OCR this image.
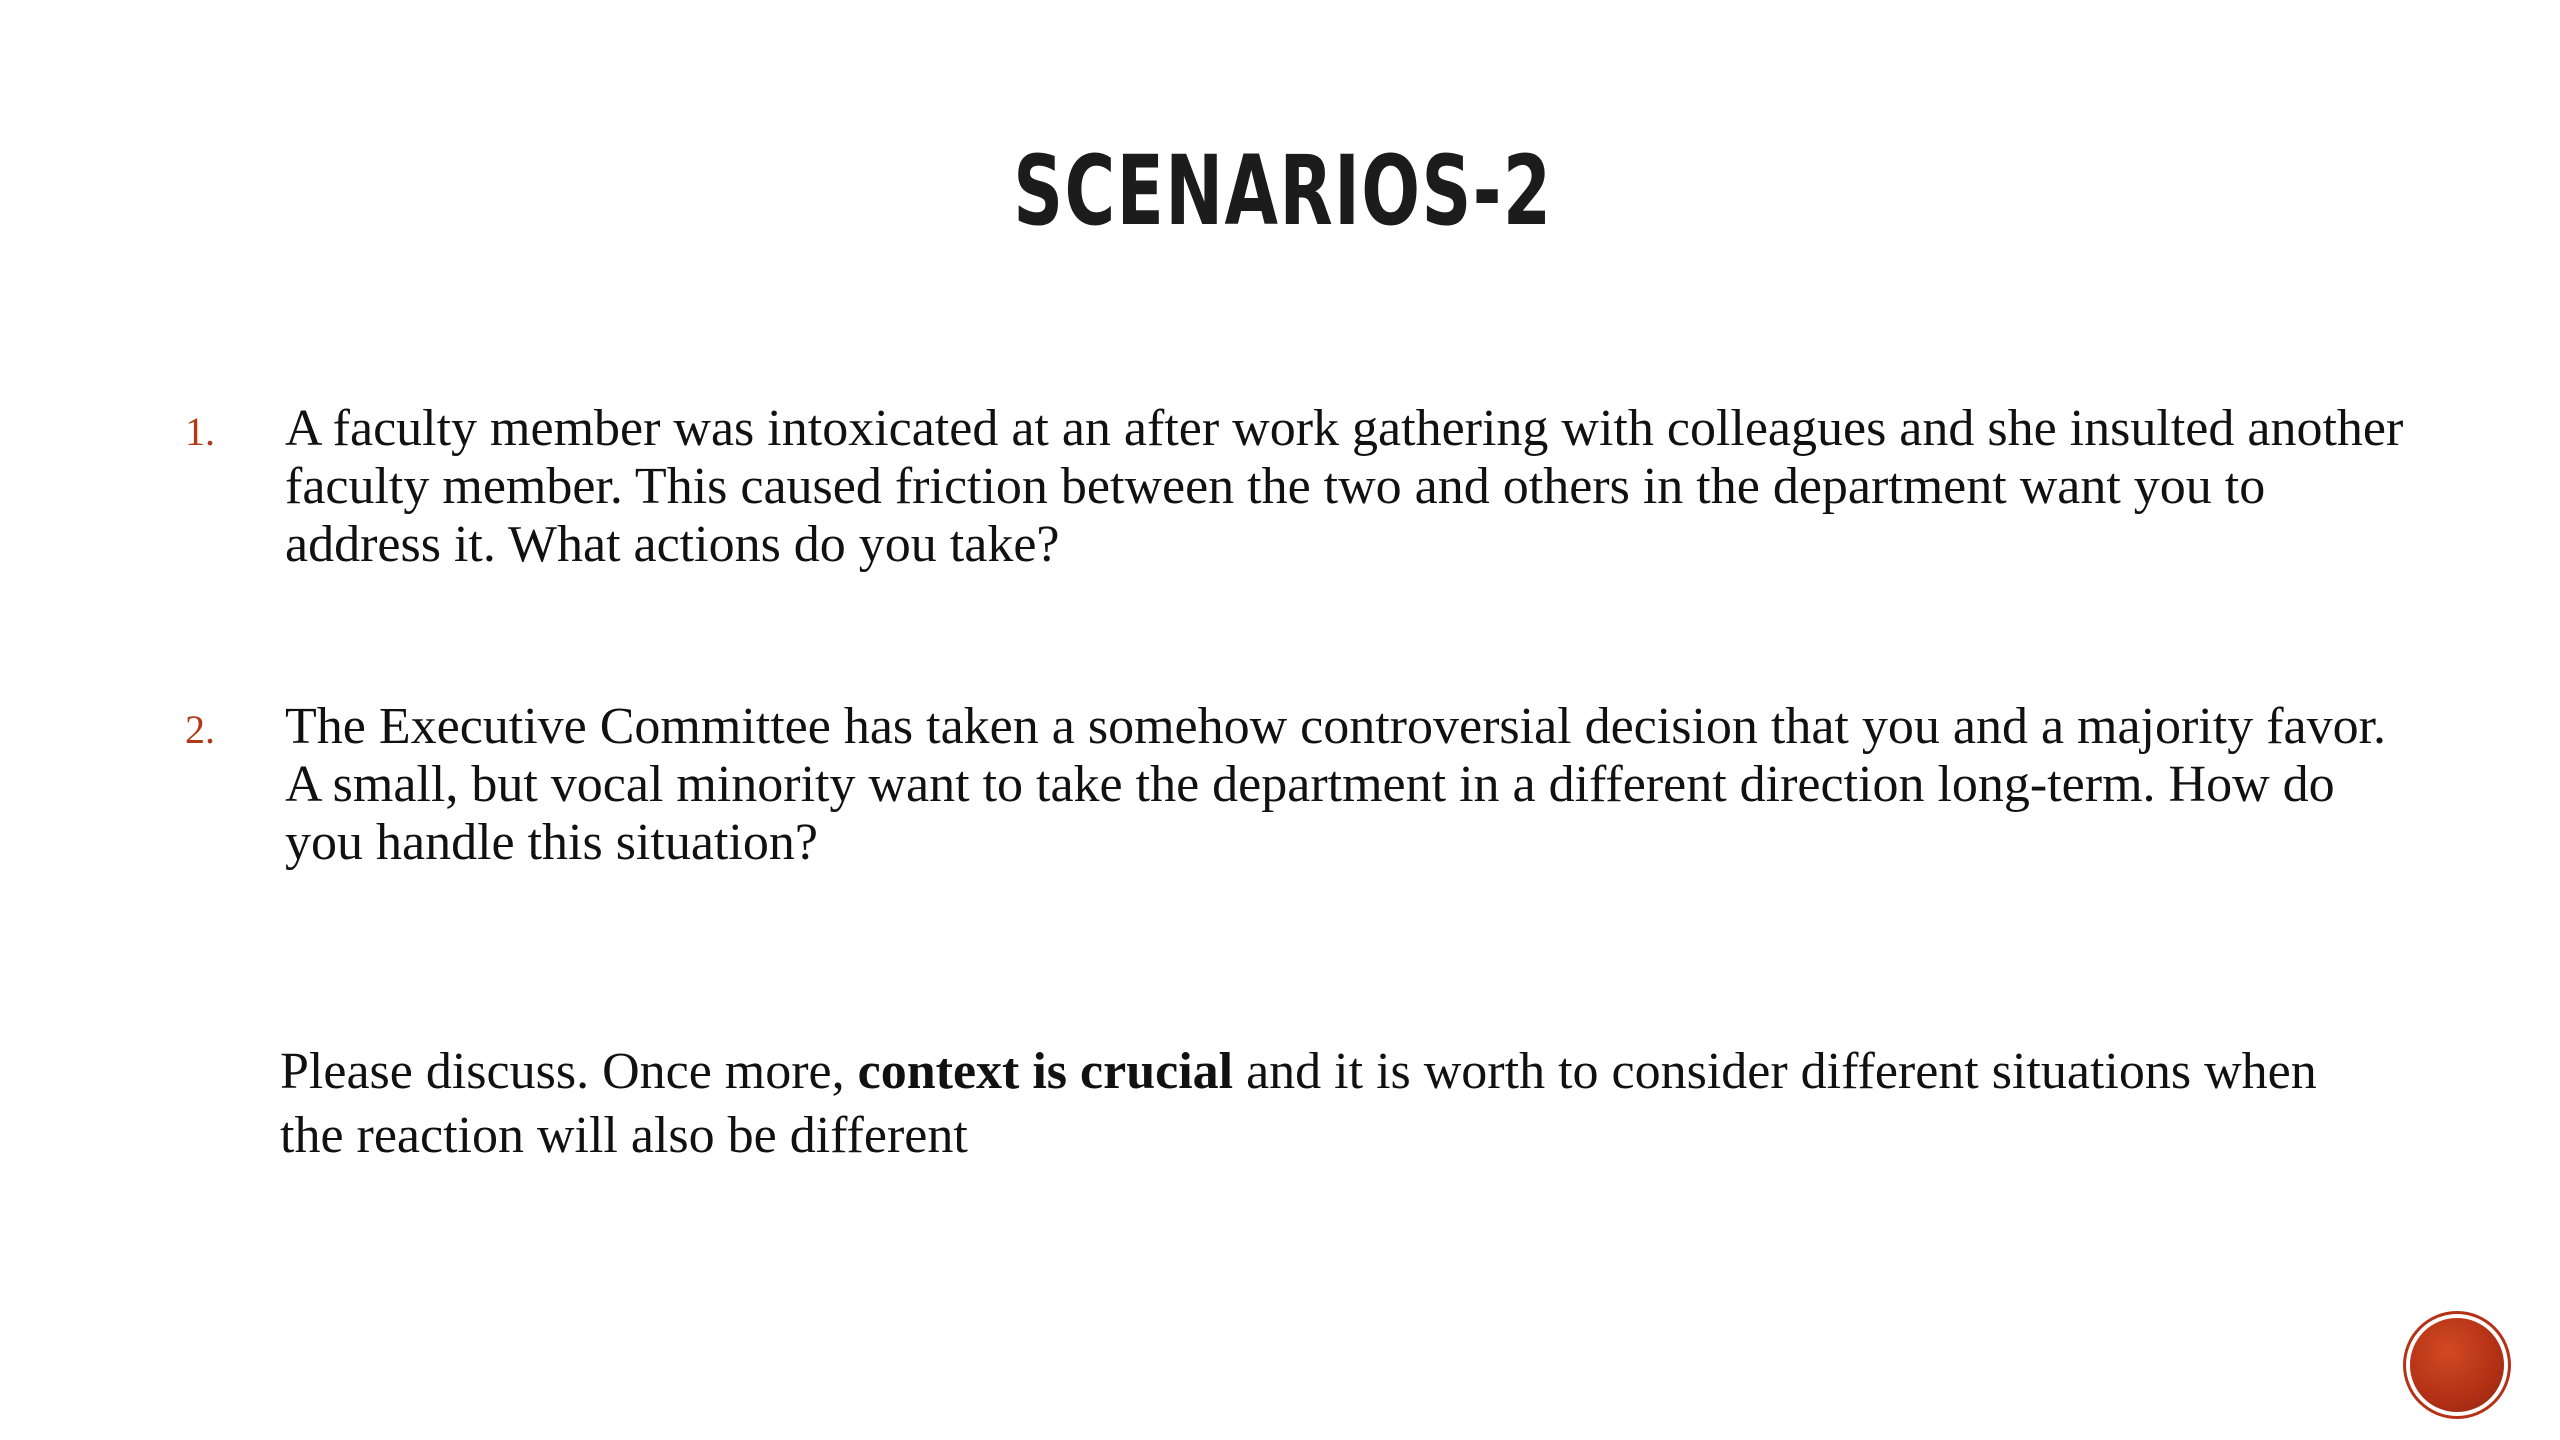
SCENARIOS-2
1. A faculty member was intoxicated at an after work gathering with colleagues and she insulted another faculty member. This caused friction between the two and others in the department want you to address it. What actions do you take?
2. The Executive Committee has taken a somehow controversial decision that you and a majority favor. A small, but vocal minority want to take the department in a different direction long-term. How do you handle this situation?
Please discuss. Once more, context is crucial and it is worth to consider different situations when the reaction will also be different
